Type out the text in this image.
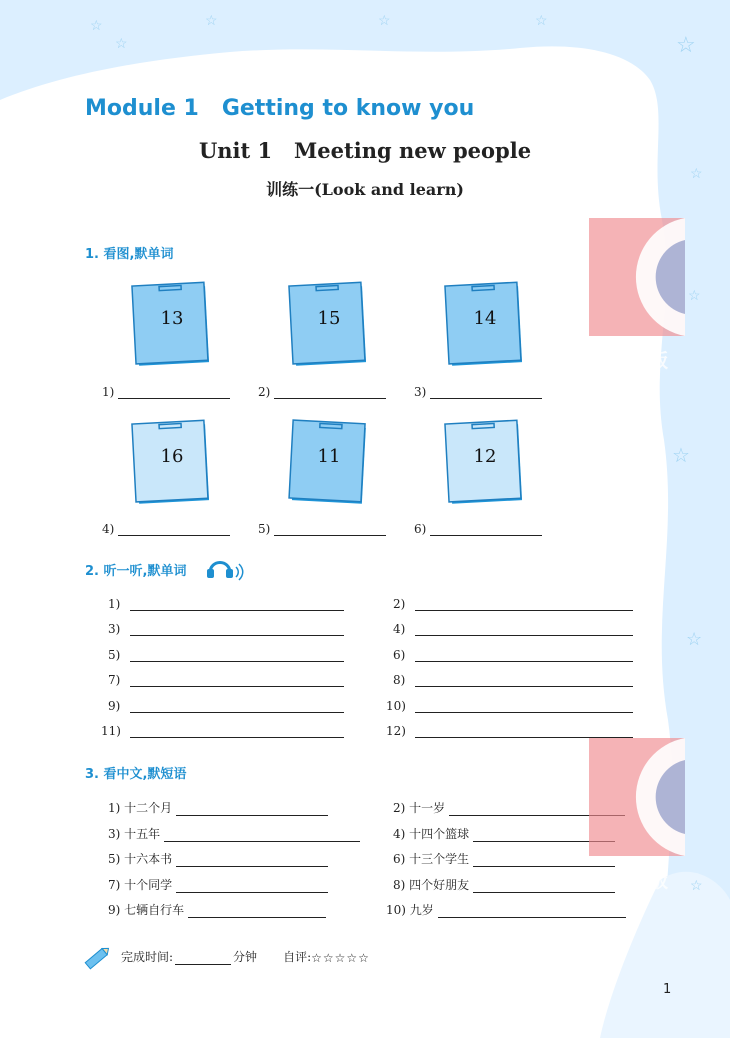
☆
☆
☆	☆	☆
☆
☆
☆
☆
☆
☆
Module 1   Getting to know you
Unit 1   Meeting new people
训练一(Look and learn)
1. 看图,默单词
13	15	14
1)	2)	3)
16	11	12
4)	5)	6)
2. 听一听,默单词
1)	2)
3)	4)
5)	6)
7)	8)
9)	10)
11)	12)
3. 看中文,默短语
1) 十二个月	2) 十一岁
3) 十五年	4) 十四个篮球
5) 十六本书	6) 十三个学生
7) 十个同学	8) 四个好朋友
9) 七辆自行车	10) 九岁
世纪出版
世纪出版
完成时间:	分钟 自评: ☆☆☆☆☆
1
